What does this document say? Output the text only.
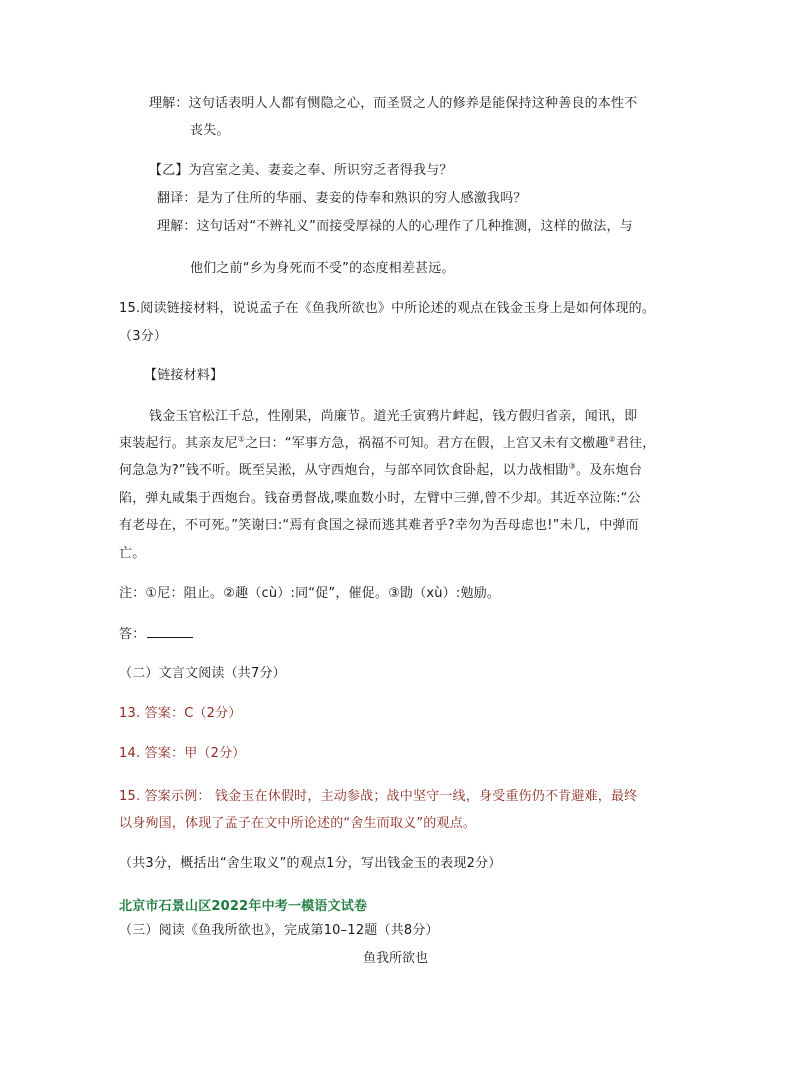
理解：这句话表明人人都有恻隐之心，而圣贤之人的修养是能保持这种善良的本性不
丧失。
【乙】为宫室之美、妻妾之奉、所识穷乏者得我与？
翻译：是为了住所的华丽、妻妾的侍奉和熟识的穷人感激我吗？
理解：这句话对“不辨礼义”而接受厚禄的人的心理作了几种推测，这样的做法，与
他们之前“乡为身死而不受”的态度相差甚远。
15.阅读链接材料，说说孟子在《鱼我所欲也》中所论述的观点在钱金玉身上是如何体现的。
（3分）
【链接材料】
钱金玉官松江千总，性刚果，尚廉节。道光壬寅鸦片衅起，钱方假归省亲，闻讯，即
束装起行。其亲友尼①之曰：“军事方急，祸福不可知。君方在假，上宫又未有文檄趣②君往，
何急急为?”钱不听。既至吴淞，从守西炮台，与部卒同饮食卧起，以力战相勖③。及东炮台
陷，弹丸咸集于西炮台。钱奋勇督战,喋血数小时，左臂中三弹,曾不少却。其近卒泣陈:“公
有老母在，不可死。”笑谢曰:“焉有食国之禄而逃其难者乎?幸勿为吾母虑也!”未几，中弹而
亡。
注：①尼：阻止。②趣（cù）:同“促”，催促。③勖（xù）:勉励。
答：
（二）文言文阅读（共7分）
13. 答案：C（2分）
14. 答案：甲（2分）
15. 答案示例： 钱金玉在休假时，主动参战；战中坚守一线，身受重伤仍不肯避难，最终
以身殉国，体现了孟子在文中所论述的“舍生而取义”的观点。
（共3分，概括出“舍生取义”的观点1分，写出钱金玉的表现2分）
北京市石景山区2022年中考一模语文试卷
（三）阅读《鱼我所欲也》，完成第10–12题（共8分）
鱼我所欲也
